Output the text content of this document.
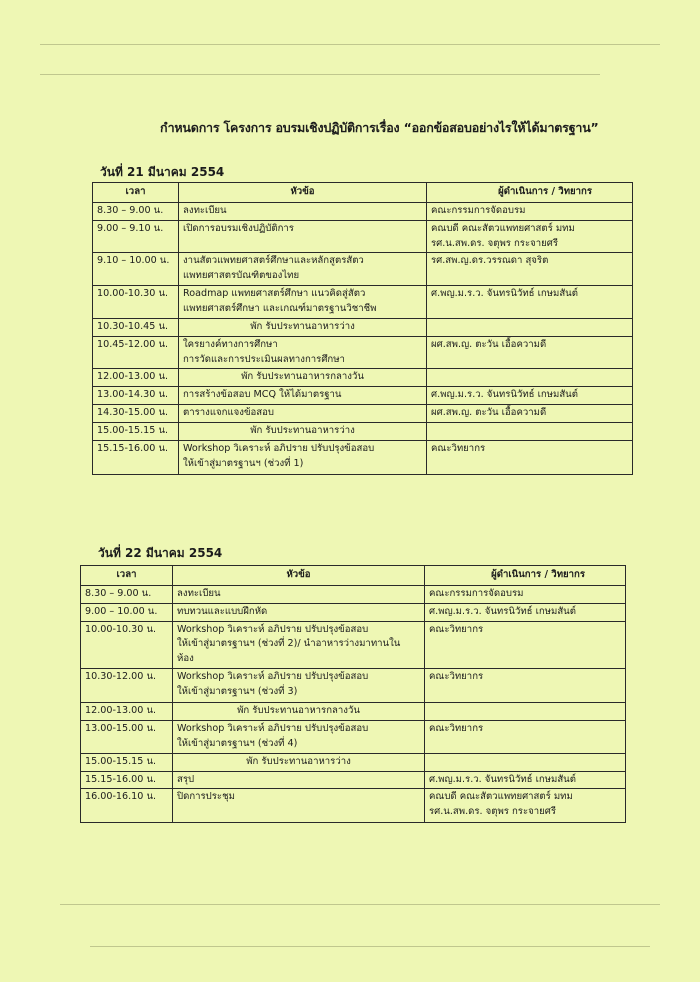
กำหนดการ โครงการ อบรมเชิงปฏิบัติการเรื่อง “ออกข้อสอบอย่างไรให้ได้มาตรฐาน”
วันที่ 21 มีนาคม 2554
เวลา	หัวข้อ	ผู้ดำเนินการ / วิทยากร
8.30 – 9.00 น.	ลงทะเบียน	คณะกรรมการจัดอบรม

9.00 – 9.10 น.	เปิดการอบรมเชิงปฏิบัติการ	คณบดี คณะสัตวแพทยศาสตร์ มทม
รศ.น.สพ.ดร. จตุพร กระจายศรี

9.10 – 10.00 น.	งานสัตวแพทยศาสตร์ศึกษาและหลักสูตรสัตว
แพทยศาสตรบัณฑิตของไทย	รศ.สพ.ญ.ดร.วรรณดา สุจริต

10.00-10.30 น.	Roadmap แพทยศาสตร์ศึกษา แนวคิดสู่สัตว
แพทยศาสตร์ศึกษา และเกณฑ์มาตรฐานวิชาชีพ	ศ.พญ.ม.ร.ว. จันทรนิวัทธ์ เกษมสันต์

10.30-10.45 น.	พัก รับประทานอาหารว่าง	
10.45-12.00 น.	ใครยางค์ทางการศึกษา
การวัดและการประเมินผลทางการศึกษา	ผศ.สพ.ญ. ตะวัน เอื้อความดี

12.00-13.00 น.	พัก รับประทานอาหารกลางวัน	
13.00-14.30 น.	การสร้างข้อสอบ MCQ ให้ได้มาตรฐาน	ศ.พญ.ม.ร.ว. จันทรนิวัทธ์ เกษมสันต์

14.30-15.00 น.	ตารางแจกแจงข้อสอบ	ผศ.สพ.ญ. ตะวัน เอื้อความดี

15.00-15.15 น.	พัก รับประทานอาหารว่าง	
15.15-16.00 น.	Workshop วิเคราะห์ อภิปราย ปรับปรุงข้อสอบ
ให้เข้าสู่มาตรฐานฯ (ช่วงที่ 1)	คณะวิทยากร
วันที่ 22 มีนาคม 2554
เวลา	หัวข้อ	ผู้ดำเนินการ / วิทยากร
8.30 – 9.00 น.	ลงทะเบียน	คณะกรรมการจัดอบรม

9.00 – 10.00 น.	ทบทวนและแบบฝึกหัด	ศ.พญ.ม.ร.ว. จันทรนิวัทธ์ เกษมสันต์

10.00-10.30 น.	Workshop วิเคราะห์ อภิปราย ปรับปรุงข้อสอบ
ให้เข้าสู่มาตรฐานฯ (ช่วงที่ 2)/ นำอาหารว่างมาทานใน
ห้อง	คณะวิทยากร

10.30-12.00 น.	Workshop วิเคราะห์ อภิปราย ปรับปรุงข้อสอบ
ให้เข้าสู่มาตรฐานฯ (ช่วงที่ 3)	คณะวิทยากร

12.00-13.00 น.	พัก รับประทานอาหารกลางวัน	
13.00-15.00 น.	Workshop วิเคราะห์ อภิปราย ปรับปรุงข้อสอบ
ให้เข้าสู่มาตรฐานฯ (ช่วงที่ 4)	คณะวิทยากร

15.00-15.15 น.	พัก รับประทานอาหารว่าง	
15.15-16.00 น.	สรุป	ศ.พญ.ม.ร.ว. จันทรนิวัทธ์ เกษมสันต์

16.00-16.10 น.	ปิดการประชุม	คณบดี คณะสัตวแพทยศาสตร์ มทม
รศ.น.สพ.ดร. จตุพร กระจายศรี
